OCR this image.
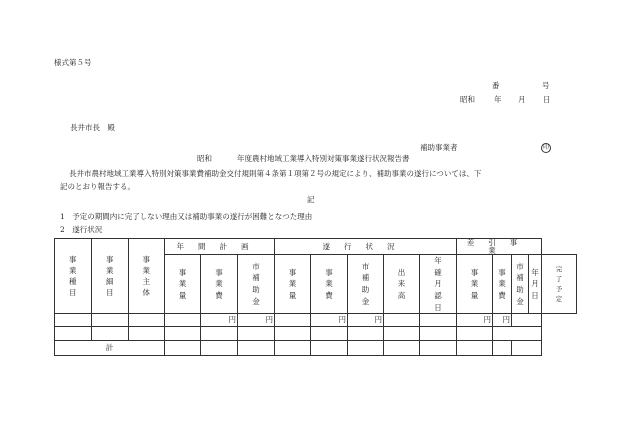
様式第５号
番	号
昭和	年 月 日
長井市長　殿
補助事業者	印
昭和	年度農村地域工業導入特別対策事業遂行状況報告書
長井市農村地域工業導入特別対策事業費補助金交付規則第４条第１項第２号の規定により、補助事業の遂行については、下
記のとおり報告する。
記
1　予定の期間内に完了しない理由又は補助事業の遂行が困難となつた理由
2　遂行状況
事業種目	事業細目	事業主体	年間計画			遂行状況					差引事業				
			事業量	事業費	市補助金	事業量	事業費	市補助金	出来高	年確月認日	事業量	事業費	市補助金	年月日	完了予定
				円	円		円	円			円	円			

計															
